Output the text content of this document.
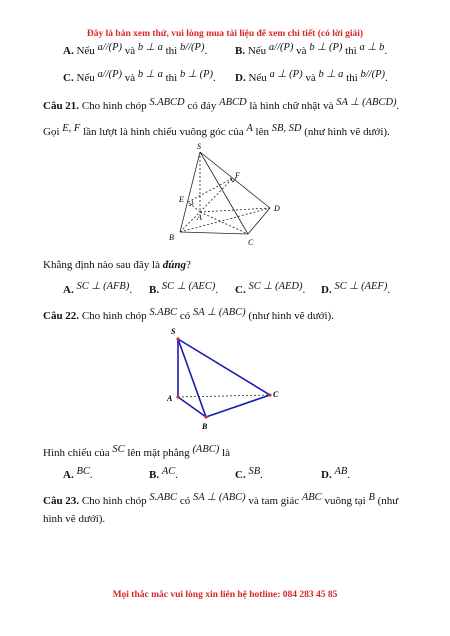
Đây là bản xem thử, vui lòng mua tài liệu để xem chi tiết (có lời giải)
A. Nếu a//(P) và b ⊥ a thì b//(P).	B. Nếu a//(P) và b ⊥ (P) thì a ⊥ b.
C. Nếu a//(P) và b ⊥ a thì b ⊥ (P). D. Nếu a ⊥ (P) và b ⊥ a thì b//(P).
Câu 21. Cho hình chóp S.ABCD có đáy ABCD là hình chữ nhật và SA ⊥ (ABCD).
Gọi E, F lần lượt là hình chiếu vuông góc của A lên SB, SD (như hình vẽ dưới).
S
F
E
A
D
B
C
Khẳng định nào sau đây là đúng?
A. SC ⊥ (AFB). B. SC ⊥ (AEC). C. SC ⊥ (AED). D. SC ⊥ (AEF).
Câu 22. Cho hình chóp S.ABC có SA ⊥ (ABC) (như hình vẽ dưới).
S
A	C
B
Hình chiếu của SC lên mặt phẳng (ABC) là
A. BC.	B. AC.	C. SB.	D. AB.
Câu 23. Cho hình chóp S.ABC có SA ⊥ (ABC) và tam giác ABC vuông tại B (như
hình vẽ dưới).
Mọi thắc mắc vui lòng xin liên hệ hotline: 084 283 45 85
